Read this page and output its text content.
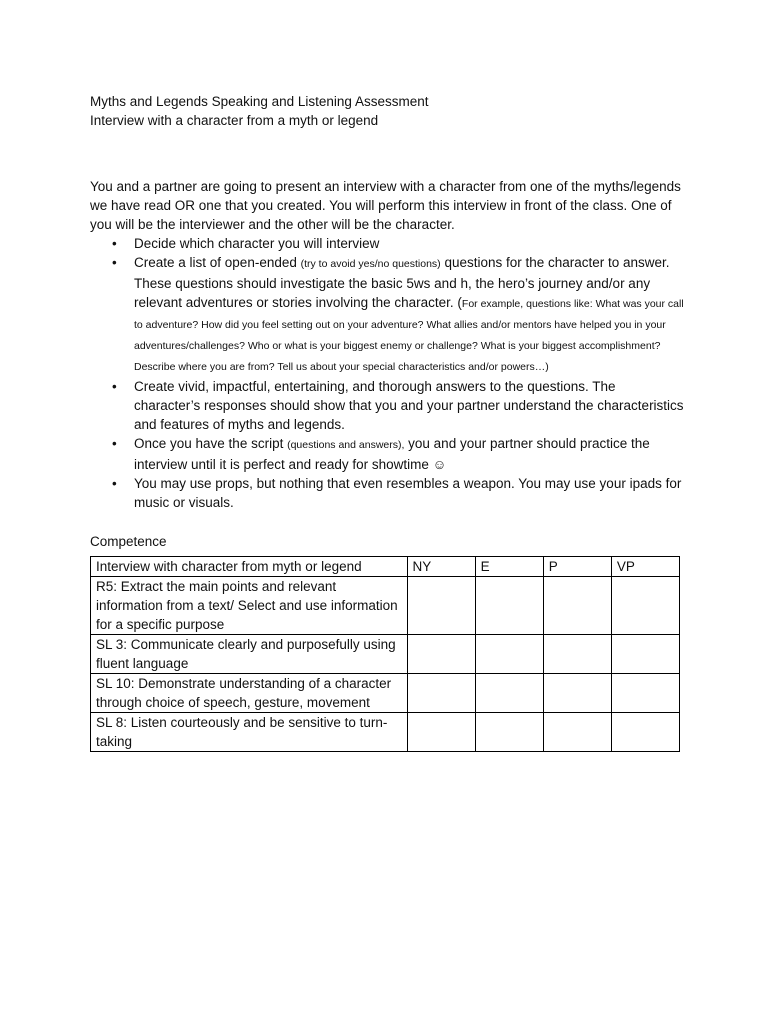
Myths and Legends Speaking and Listening Assessment

Interview with a character from a myth or legend

You and a partner are going to present an interview with a character from one of the myths/legends we have read OR one that you created. You will perform this interview in front of the class. One of you will be the interviewer and the other will be the character.
• Decide which character you will interview
• Create a list of open-ended (try to avoid yes/no questions) questions for the character to answer. These questions should investigate the basic 5ws and h, the hero’s journey and/or any relevant adventures or stories involving the character. (For example, questions like: What was your call to adventure? How did you feel setting out on your adventure? What allies and/or mentors have helped you in your adventures/challenges? Who or what is your biggest enemy or challenge? What is your biggest accomplishment? Describe where you are from? Tell us about your special characteristics and/or powers…)
• Create vivid, impactful, entertaining, and thorough answers to the questions. The character’s responses should show that you and your partner understand the characteristics and features of myths and legends.
• Once you have the script (questions and answers), you and your partner should practice the interview until it is perfect and ready for showtime ☺
• You may use props, but nothing that even resembles a weapon. You may use your ipads for music or visuals.
Competence
Interview with character from myth or legend	NY	E	P	VP
R5: Extract the main points and relevant information from a text/ Select and use information for a specific purpose				
SL 3: Communicate clearly and purposefully using fluent language				
SL 10: Demonstrate understanding of a character through choice of speech, gesture, movement				
SL 8: Listen courteously and be sensitive to turn-taking				
